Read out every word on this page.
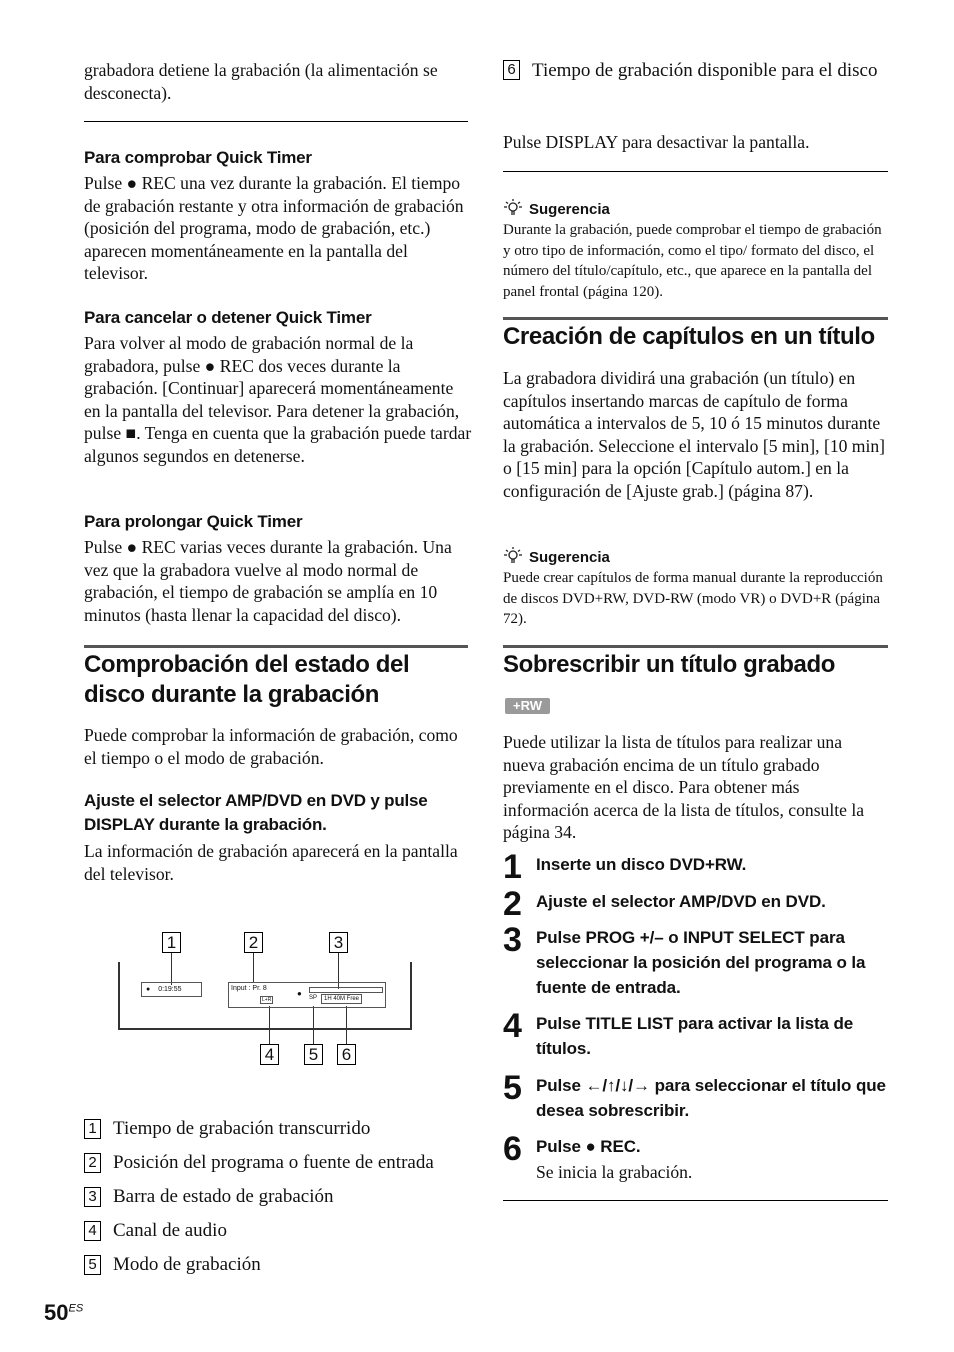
grabadora detiene la grabación (la alimentación se desconecta).

Para comprobar Quick Timer

Pulse ● REC una vez durante la grabación. El tiempo de grabación restante y otra información de grabación (posición del programa, modo de grabación, etc.) aparecen momentáneamente en la pantalla del televisor.

Para cancelar o detener Quick Timer

Para volver al modo de grabación normal de la grabadora, pulse ● REC dos veces durante la grabación. [Continuar] aparecerá momentáneamente en la pantalla del televisor. Para detener la grabación, pulse ■. Tenga en cuenta que la grabación puede tardar algunos segundos en detenerse.

Para prolongar Quick Timer

Pulse ● REC varias veces durante la grabación. Una vez que la grabadora vuelve al modo normal de grabación, el tiempo de grabación se amplía en 10 minutos (hasta llenar la capacidad del disco).

Comprobación del estado del disco durante la grabación

Puede comprobar la información de grabación, como el tiempo o el modo de grabación.

Ajuste el selector AMP/DVD en DVD y pulse DISPLAY durante la grabación.

La información de grabación aparecerá en la pantalla del televisor.

1	2	3
4 5 6
● 0:19:55	Input : Pr. 8
L+R
● SP	1H 40M Free
1 Tiempo de grabación transcurrido
2 Posición del programa o fuente de entrada
3 Barra de estado de grabación
4 Canal de audio
5 Modo de grabación
$50^{ES}$
6 Tiempo de grabación disponible para el disco

Pulse DISPLAY para desactivar la pantalla.

Sugerencia

Durante la grabación, puede comprobar el tiempo de grabación y otro tipo de información, como el tipo/ formato del disco, el número del título/capítulo, etc., que aparece en la pantalla del panel frontal (página 120).

Creación de capítulos en un título

La grabadora dividirá una grabación (un título) en capítulos insertando marcas de capítulo de forma automática a intervalos de 5, 10 ó 15 minutos durante la grabación. Seleccione el intervalo [5 min], [10 min] o [15 min] para la opción [Capítulo autom.] en la configuración de [Ajuste grab.] (página 87).

Sugerencia

Puede crear capítulos de forma manual durante la reproducción de discos DVD+RW, DVD-RW (modo VR) o DVD+R (página 72).

Sobrescribir un título grabado
+RW

Puede utilizar la lista de títulos para realizar una nueva grabación encima de un título grabado previamente en el disco. Para obtener más información acerca de la lista de títulos, consulte la página 34.

1 Inserte un disco DVD+RW.
2 Ajuste el selector AMP/DVD en DVD.
3 Pulse PROG +/– o INPUT SELECT para seleccionar la posición del programa o la fuente de entrada.
4 Pulse TITLE LIST para activar la lista de títulos.
5 Pulse ←/↑/↓/→ para seleccionar el título que desea sobrescribir.
6 Pulse ● REC.
Se inicia la grabación.
